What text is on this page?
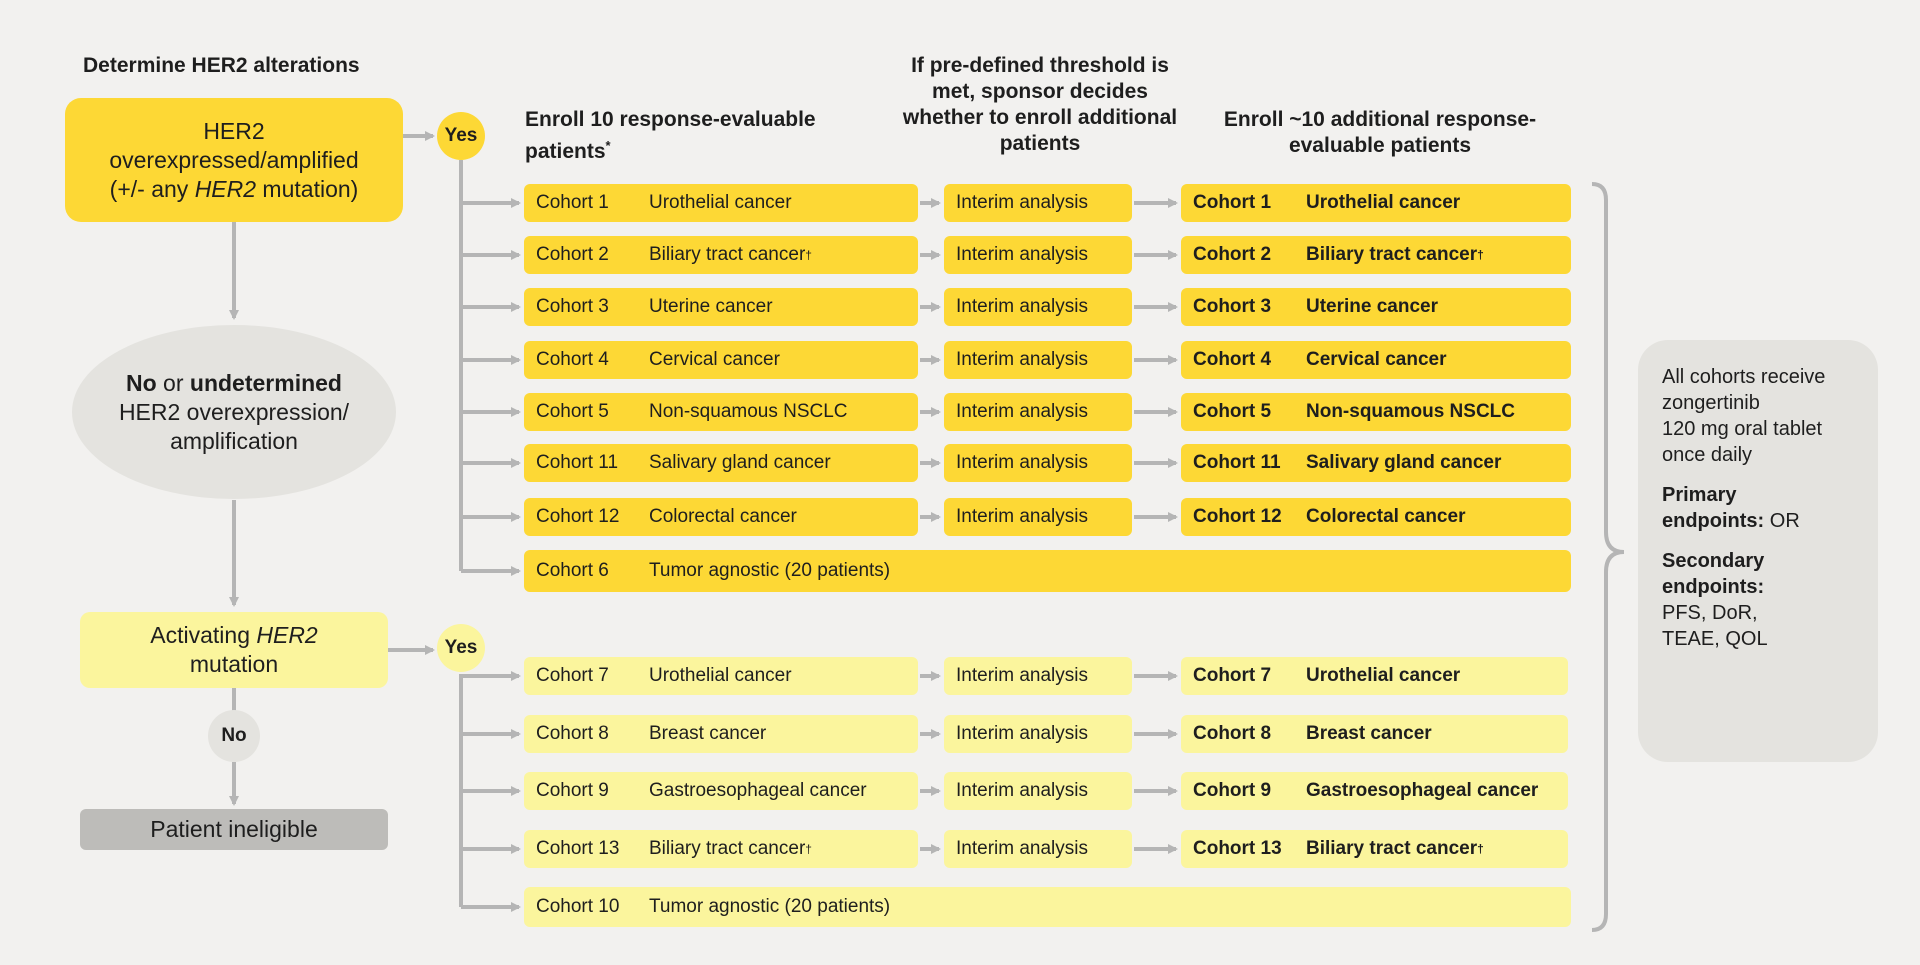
Determine HER2 alterations
Enroll 10 response-evaluable patients*
If pre-defined threshold is met, sponsor decides whether to enroll additional patients
Enroll ~10 additional response-evaluable patients
HER2
overexpressed/amplified
(+/- any HER2 mutation)
Yes
No or undetermined
HER2 overexpression/
amplification
Activating HER2
mutation
Yes
No
Patient ineligible
Cohort 1	Urothelial cancer	Interim analysis	Cohort 1	Urothelial cancer
Cohort 2	Biliary tract cancer †	Interim analysis	Cohort 2	Biliary tract cancer †
Cohort 3	Uterine cancer	Interim analysis	Cohort 3	Uterine cancer
Cohort 4	Cervical cancer	Interim analysis	Cohort 4	Cervical cancer
Cohort 5	Non-squamous NSCLC	Interim analysis	Cohort 5	Non-squamous NSCLC
Cohort 11	Salivary gland cancer	Interim analysis	Cohort 11	Salivary gland cancer
Cohort 12	Colorectal cancer	Interim analysis	Cohort 12	Colorectal cancer
Cohort 6	Tumor agnostic (20 patients)
Cohort 7	Urothelial cancer	Interim analysis	Cohort 7	Urothelial cancer
Cohort 8	Breast cancer	Interim analysis	Cohort 8	Breast cancer
Cohort 9	Gastroesophageal cancer	Interim analysis	Cohort 9	Gastroesophageal cancer
Cohort 13	Biliary tract cancer †	Interim analysis	Cohort 13	Biliary tract cancer †
Cohort 10	Tumor agnostic (20 patients)
All cohorts receive
zongertinib
120 mg oral tablet
once daily
Primary
endpoints: OR
Secondary
endpoints:
PFS, DoR,
TEAE, QOL
